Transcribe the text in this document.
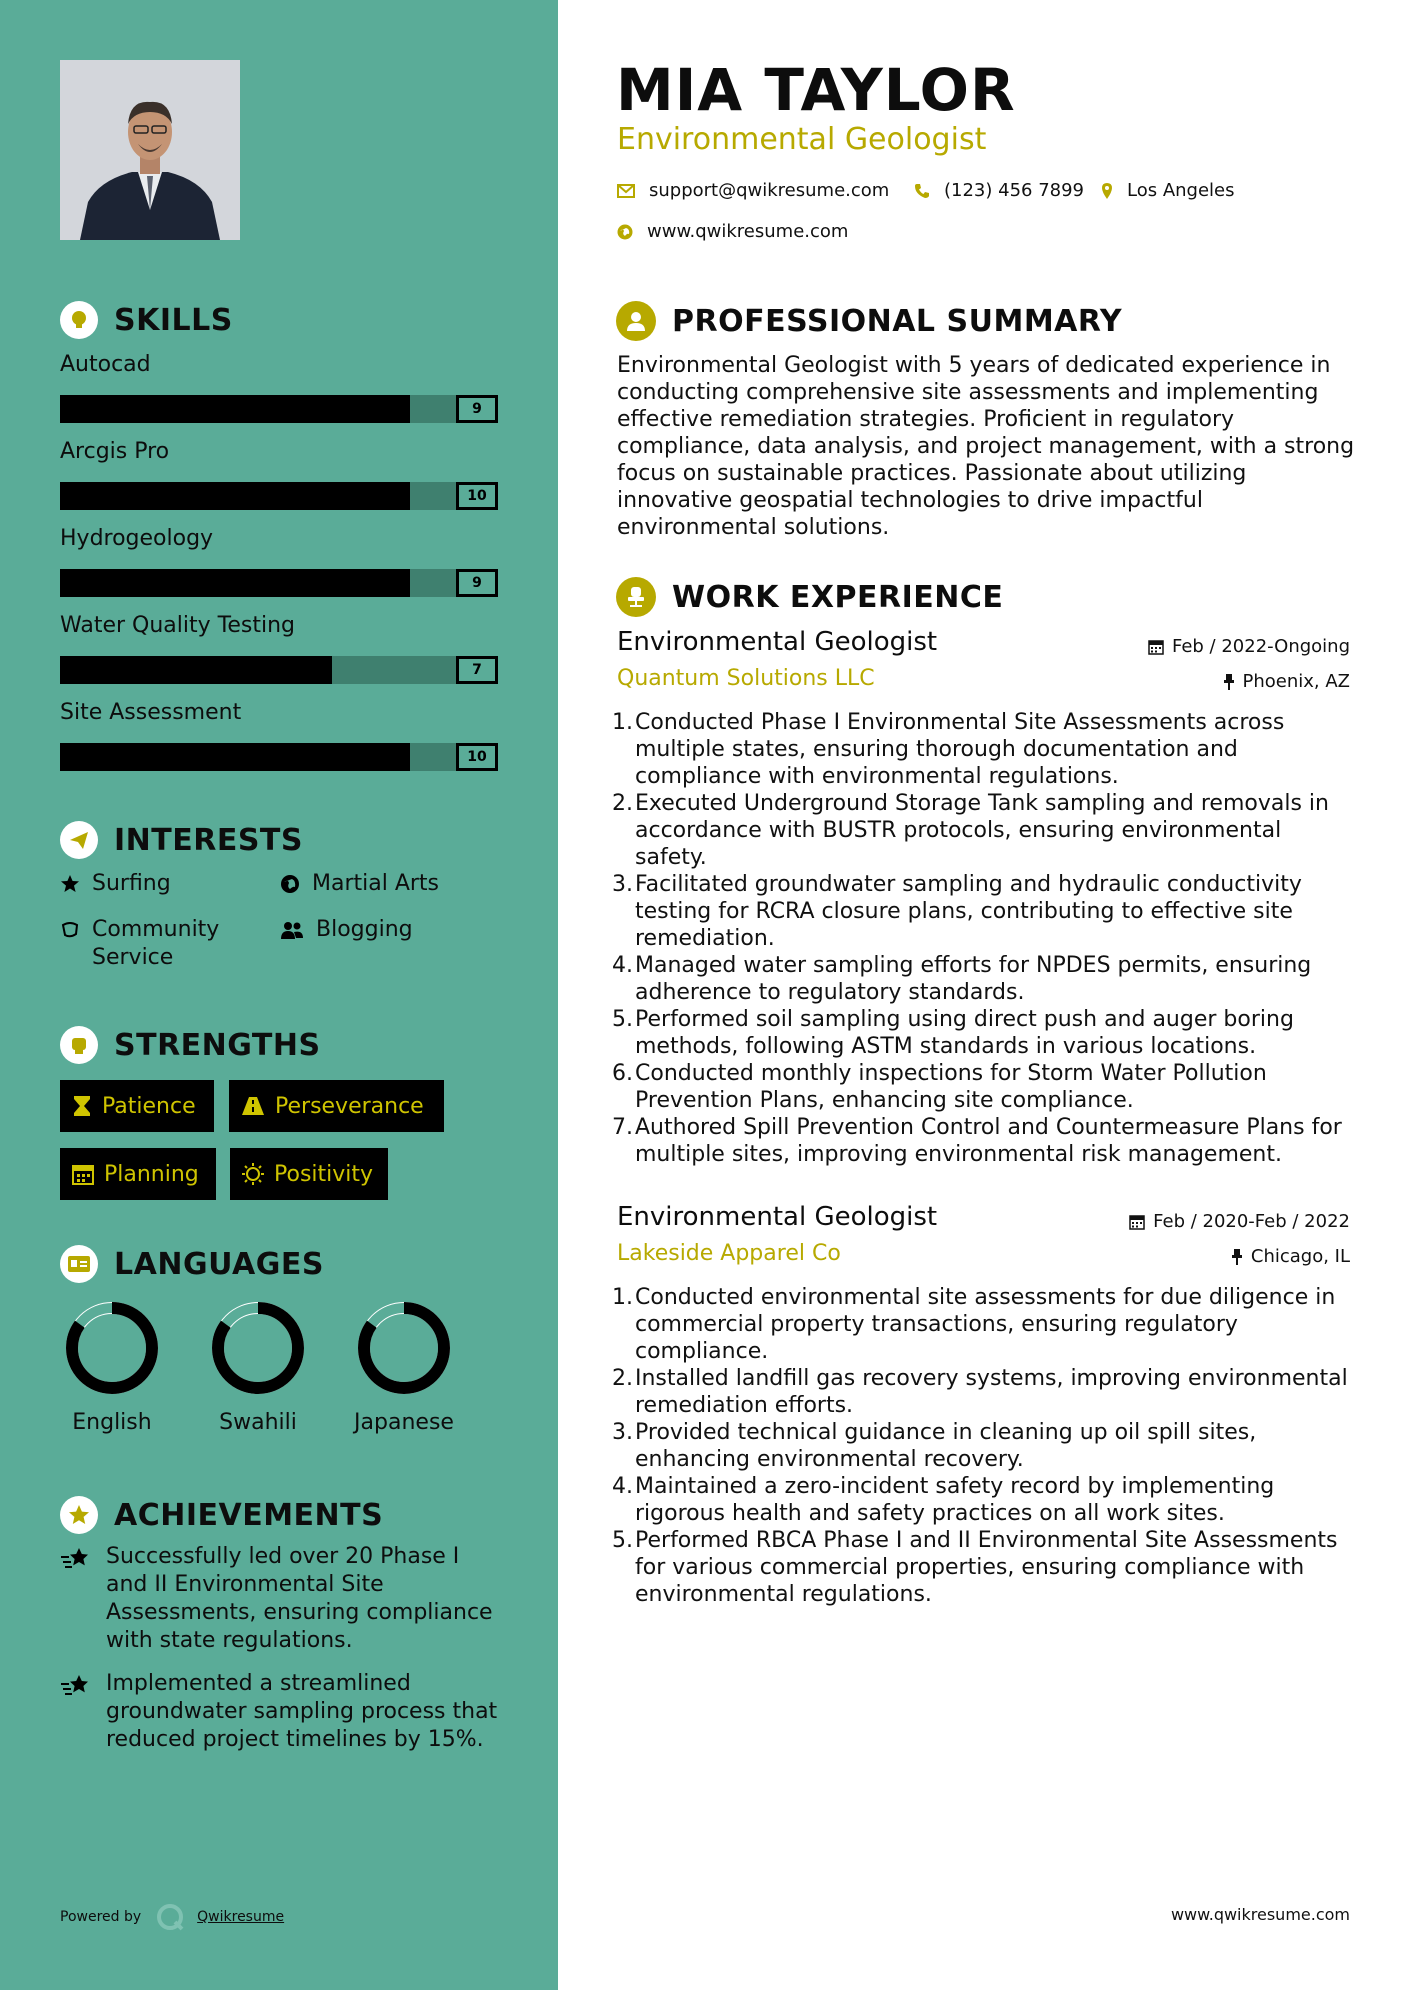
SKILLS
Autocad
9
Arcgis Pro
10
Hydrogeology
9
Water Quality Testing
7
Site Assessment
10
INTERESTS
Surfing	Martial Arts
Community Service
Blogging
STRENGTHS
Patience	Perseverance
Planning	Positivity
LANGUAGES
English	Swahili	Japanese
ACHIEVEMENTS

Successfully led over 20 Phase I and II Environmental Site Assessments, ensuring compliance with state regulations.

Implemented a streamlined groundwater sampling process that reduced project timelines by 15%.

Powered by	Qwikresume
MIA TAYLOR
Environmental Geologist
support@qwikresume.com	(123) 456 7899 Los Angeles
www.qwikresume.com
PROFESSIONAL SUMMARY

Environmental Geologist with 5 years of dedicated experience in conducting comprehensive site assessments and implementing effective remediation strategies. Proficient in regulatory compliance, data analysis, and project management, with a strong focus on sustainable practices. Passionate about utilizing innovative geospatial technologies to drive impactful environmental solutions.

WORK EXPERIENCE
Environmental Geologist
Quantum Solutions LLC
Feb / 2022-Ongoing
Phoenix, AZ
1. Conducted Phase I Environmental Site Assessments across multiple states, ensuring thorough documentation and compliance with environmental regulations.
2. Executed Underground Storage Tank sampling and removals in accordance with BUSTR protocols, ensuring environmental safety.
3. Facilitated groundwater sampling and hydraulic conductivity testing for RCRA closure plans, contributing to effective site remediation.
4. Managed water sampling efforts for NPDES permits, ensuring adherence to regulatory standards.
5. Performed soil sampling using direct push and auger boring methods, following ASTM standards in various locations.
6. Conducted monthly inspections for Storm Water Pollution Prevention Plans, enhancing site compliance.
7. Authored Spill Prevention Control and Countermeasure Plans for multiple sites, improving environmental risk management.
Environmental Geologist
Lakeside Apparel Co
Feb / 2020-Feb / 2022
Chicago, IL
1. Conducted environmental site assessments for due diligence in commercial property transactions, ensuring regulatory compliance.
2. Installed landfill gas recovery systems, improving environmental remediation efforts.
3. Provided technical guidance in cleaning up oil spill sites, enhancing environmental recovery.
4. Maintained a zero-incident safety record by implementing rigorous health and safety practices on all work sites.
5. Performed RBCA Phase I and II Environmental Site Assessments for various commercial properties, ensuring compliance with environmental regulations.
www.qwikresume.com
